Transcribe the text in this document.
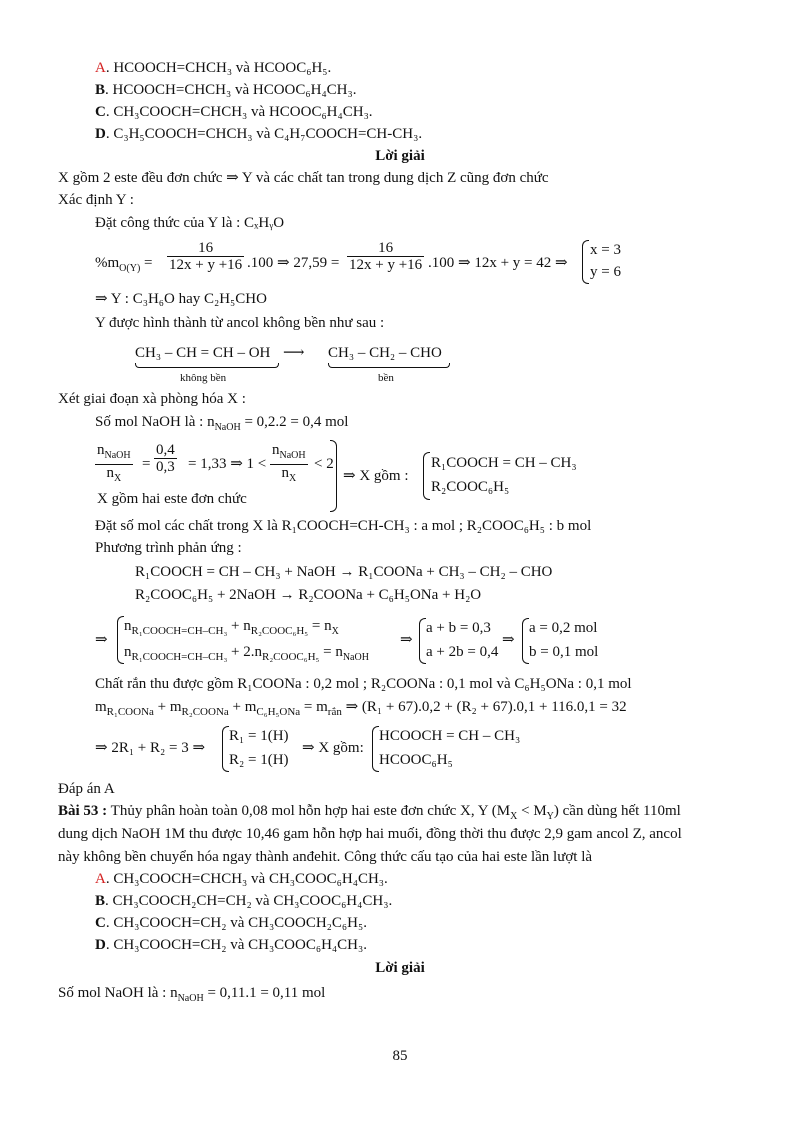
A. HCOOCH=CHCH₃ và HCOOC₆H₅.
B. HCOOCH=CHCH₃ và HCOOC₆H₄CH₃.
C. CH₃COOCH=CHCH₃ và HCOOC₆H₄CH₃.
D. C₃H₅COOCH=CHCH₃ và C₄H₇COOCH=CH-CH₃.
Lời giải
X gồm 2 este đều đơn chức ⇒ Y và các chất tan trong dung dịch Z cũng đơn chức
Xác định Y :
Đặt công thức của Y là : CₓHᵧO
$\%m_{O(Y)} = \frac{16}{12x + y +16} .100$ ⇒ $27,59 = \frac{16}{12x + y +16} .100$ ⇒ 12x + y = 42 ⇒
x = 3
y = 6
⇒ Y : C₃H₆O hay C₂H₅CHO
Y được hình thành từ ancol không bền như sau :
CH₃ – CH = CH – OH
không bền
⟶ CH₃ – CH₂ – CHO
bền
Xét giai đoạn xà phòng hóa X :
Số mol NaOH là : $n_{NaOH} = 0,2.2 = 0,4$ mol
$n_{NaOH}$
$n_X$
= $\frac{0,4}{0,3} = 1,33$ ⇒ 1 <
$n_{NaOH}$
$n_X$
< 2
X gồm hai este đơn chức
⇒ X gồm :
R₁COOCH = CH – CH₃
R₂COOC₆H₅
Đặt số mol các chất trong X là R₁COOCH=CH-CH₃ : a mol ; R₂COOC₆H₅ : b mol
Phương trình phản ứng :
R₁COOCH = CH – CH₃ + NaOH → R₁COONa + CH₃ – CH₂ – CHO
R₂COOC₆H₅ + 2NaOH → R₂COONa + C₆H₅ONa + H₂O
⇒
$n_{R_1COOCH=CH-CH_3} + n_{R_2COOC_6H_5} = n_X$
$n_{R_1COOCH=CH-CH_3} + 2.n_{R_2COOC_6H_5} = n_{NaOH}$
⇒
a + b = 0,3
a + 2b = 0,4
⇒
a = 0,2 mol
b = 0,1 mol
Chất rắn thu được gồm R₁COONa : 0,2 mol ; R₂COONa : 0,1 mol và C₆H₅ONa : 0,1 mol
$m_{R_1COONa} + m_{R_2COONa} + m_{C_6H_5ONa} = m_{rắn}$ ⇒ (R₁ + 67).0,2 + (R₂ + 67).0,1 + 116.0,1 = 32
⇒ 2R₁ + R₂ = 3 ⇒
R₁ = 1(H)
R₂ = 1(H)
⇒ X gồm:
HCOOCH = CH – CH₃
HCOOC₆H₅
Đáp án A
Bài 53 : Thủy phân hoàn toàn 0,08 mol hỗn hợp hai este đơn chức X, Y $(M_X < M_Y)$ cần dùng hết 110ml
dung dịch NaOH 1M thu được 10,46 gam hỗn hợp hai muối, đồng thời thu được 2,9 gam ancol Z, ancol
này không bền chuyển hóa ngay thành anđehit. Công thức cấu tạo của hai este lần lượt là
A. CH₃COOCH=CHCH₃ và CH₃COOC₆H₄CH₃.
B. CH₃COOCH₂CH=CH₂ và CH₃COOC₆H₄CH₃.
C. CH₃COOCH=CH₂ và CH₃COOCH₂C₆H₅.
D. CH₃COOCH=CH₂ và CH₃COOC₆H₄CH₃.
Lời giải
Số mol NaOH là : $n_{NaOH} = 0,11.1 = 0,11$ mol
85
